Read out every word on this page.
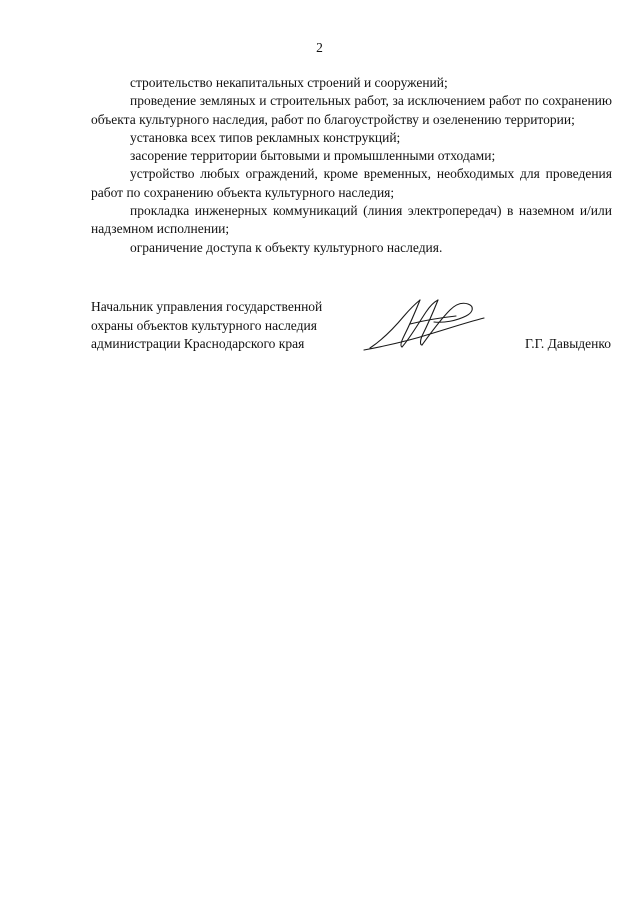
2

строительство некапитальных строений и сооружений;

проведение земляных и строительных работ, за исключением работ по сохранению объекта культурного наследия, работ по благоустройству и озеленению территории;

установка всех типов рекламных конструкций;

засорение территории бытовыми и промышленными отходами;

устройство любых ограждений, кроме временных, необходимых для проведения работ по сохранению объекта культурного наследия;

прокладка инженерных коммуникаций (линия электропередач) в наземном и/или надземном исполнении;

ограничение доступа к объекту культурного наследия.

Начальник управления государственной
охраны объектов культурного наследия
администрации Краснодарского края	Г.Г. Давыденко
